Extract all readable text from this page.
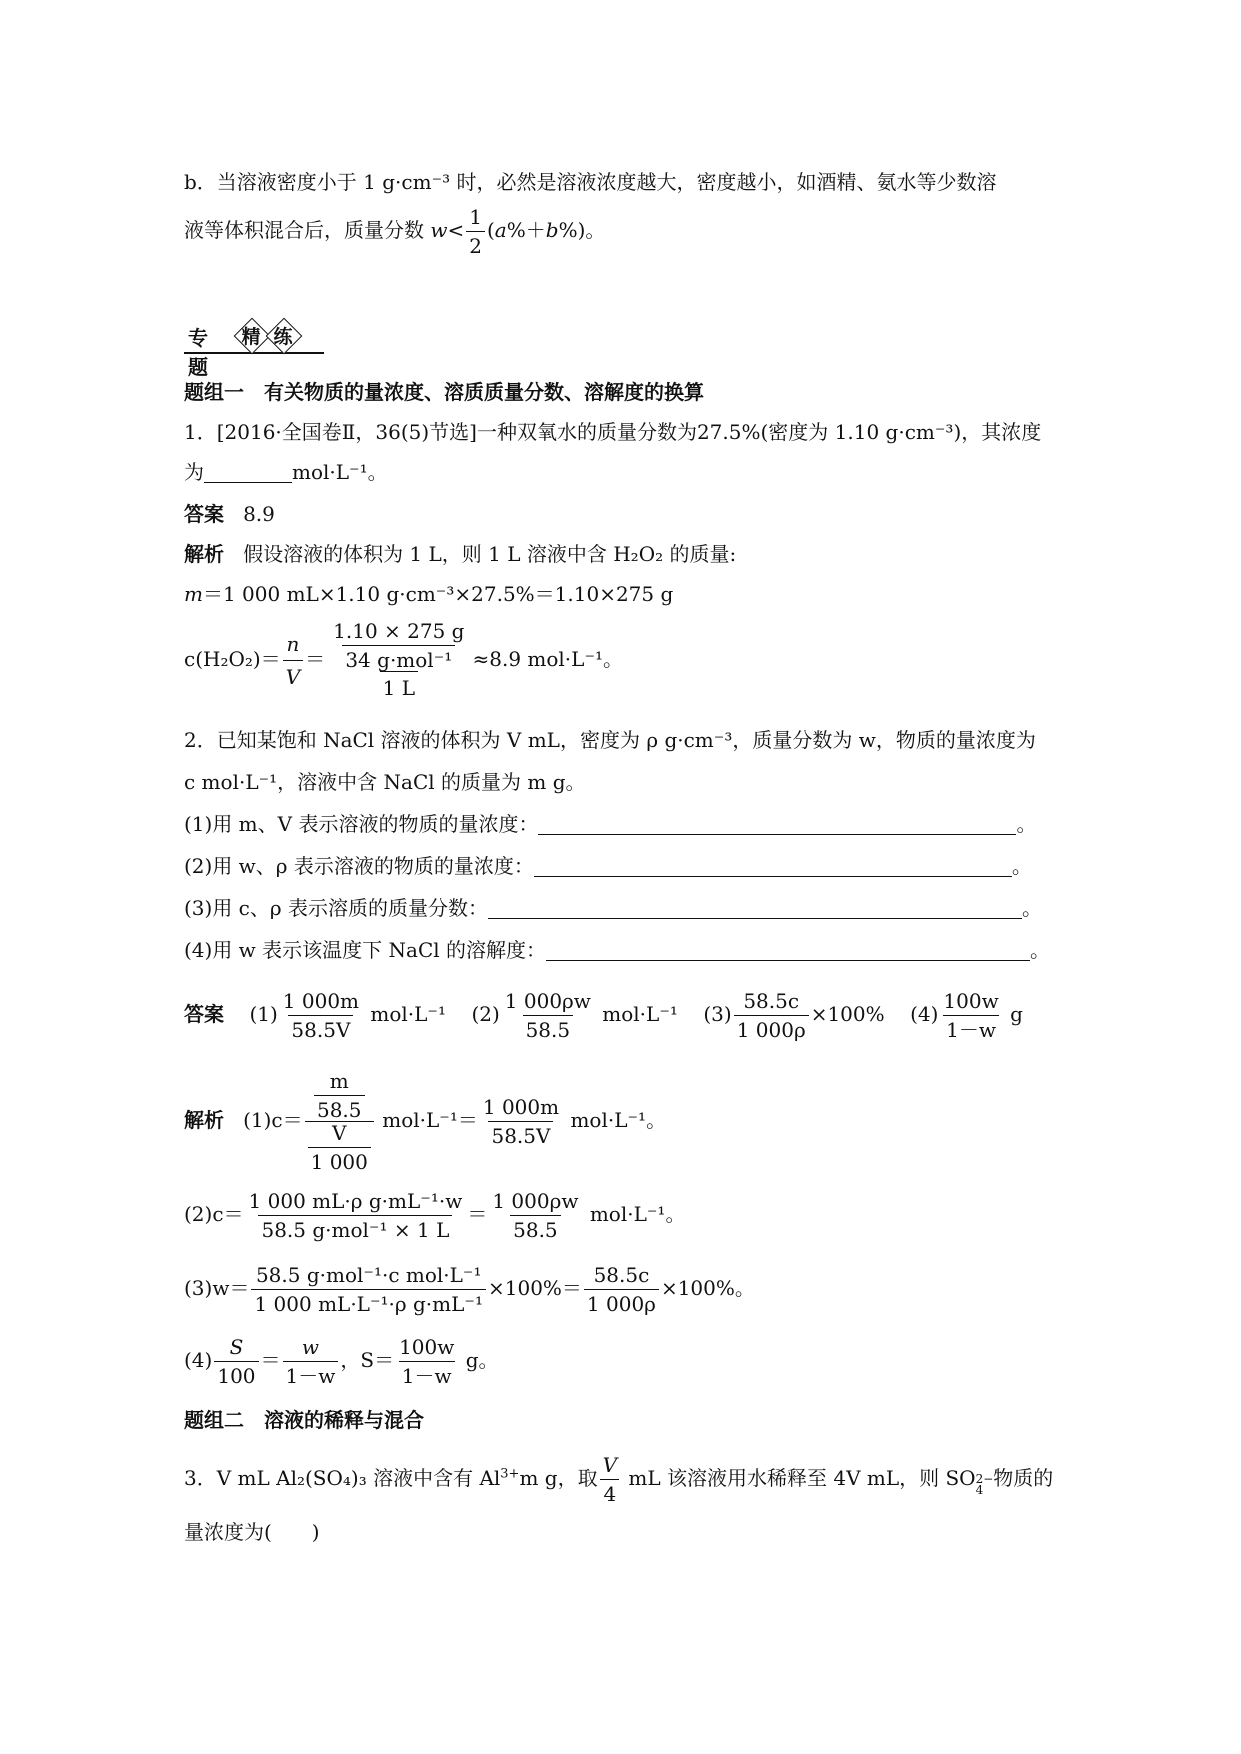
b．当溶液密度小于 1 g·cm⁻³ 时，必然是溶液浓度越大，密度越小，如酒精、氨水等少数溶
液等体积混合后，质量分数 $w< \frac{1}{2} (a\%+b\%)$。
专题
精 练
题组一　有关物质的量浓度、溶质质量分数、溶解度的换算
1．[2016·全国卷Ⅱ，36(5)节选]一种双氧水的质量分数为27.5%(密度为 1.10 g·cm⁻³)，其浓度
为	mol·L⁻¹。
答案 8.9
解析 假设溶液的体积为 1 L，则 1 L 溶液中含 H₂O₂ 的质量:
m＝1 000 mL×1.10 g·cm⁻³×27.5%＝1.10×275 g
$c(H_2O_2)= \frac{n}{V} = \frac{\frac{1.10 \times 275 g}{\text{34 g·mol⁻¹}}}{1 L} \approx 8.9$ mol·L⁻¹。
2．已知某饱和 NaCl 溶液的体积为 V mL，密度为 ρ g·cm⁻³，质量分数为 w，物质的量浓度为
c mol·L⁻¹，溶液中含 NaCl 的质量为 m g。
(1)用 m、V 表示溶液的物质的量浓度：	。
(2)用 w、ρ 表示溶液的物质的量浓度：	。
(3)用 c、ρ 表示溶质的质量分数：	。
(4)用 w 表示该温度下 NaCl 的溶解度：	。
答案 $(1) \frac{1 000m}{58.5V} mol\cdot L^{-1}$ $(2) \frac{1 000\rho w}{58.5} mol\cdot L^{-1}$ $(3) \frac{58.5c}{1 000\rho} \times 100\%$ $(4) \frac{100w}{1-w}$ g
解析 $(1)c= \frac{\frac{m}{58.5}}{\frac{V}{1 000}} mol\cdot L^{-1}= \frac{1 000m}{58.5V} mol\cdot L^{-1}$。
$(2)c= \frac{\text{1 000 mL·ρ g·mL⁻¹·w}}{\text{58.5 g·mol⁻¹ × 1 L}} = \frac{1 000\rho w}{58.5} mol\cdot L^{-1}$。
$(3)w= \frac{\text{58.5 g·mol⁻¹·c mol·L⁻¹}}{\text{1 000 mL·L⁻¹·ρ g·mL⁻¹}} \times 100\%= \frac{58.5c}{1 000\rho} \times 100\%$。
$(4) \frac{S}{100} = \frac{w}{1-w}$ ，$S= \frac{100w}{1-w}$ g。
题组二　溶液的稀释与混合
3．V mL Al₂(SO₄)₃ 溶液中含有 $Al^{3+}m$ g，取 $\frac{V}{4}$ mL 该溶液用水稀释至 4V mL，则 SO 2−
4 物质的
量浓度为(　　)
